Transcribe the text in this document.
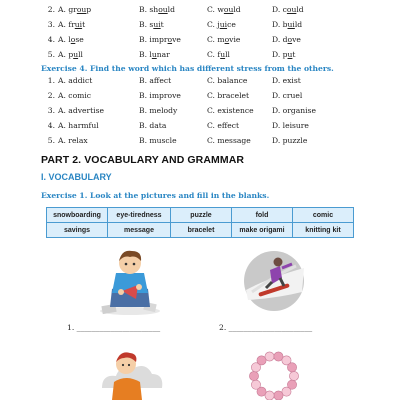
2. A. group	B. should	C. would	D. could
3. A. fruit	B. suit	C. juice	D. build
4. A. lose	B. improve	C. movie	D. dove
5. A. pull	B. lunar	C. full	D. put
Exercise 4. Find the word which has different stress from the others.
1. A. addict	B. affect	C. balance	D. exist
2. A. comic	B. improve	C. bracelet	D. cruel
3. A. advertise	B. melody	C. existence D. organise
4. A. harmful	B. data	C. effect	D. leisure
5. A. relax	B. muscle	C. message	D. puzzle
PART 2. VOCABULARY AND GRAMMAR
I. VOCABULARY
Exercise 1. Look at the pictures and fill in the blanks.
snowboarding	eye-tiredness	puzzle	fold	comic
savings	message	bracelet	make origami	knitting kit
1. ______________________	2. ______________________
